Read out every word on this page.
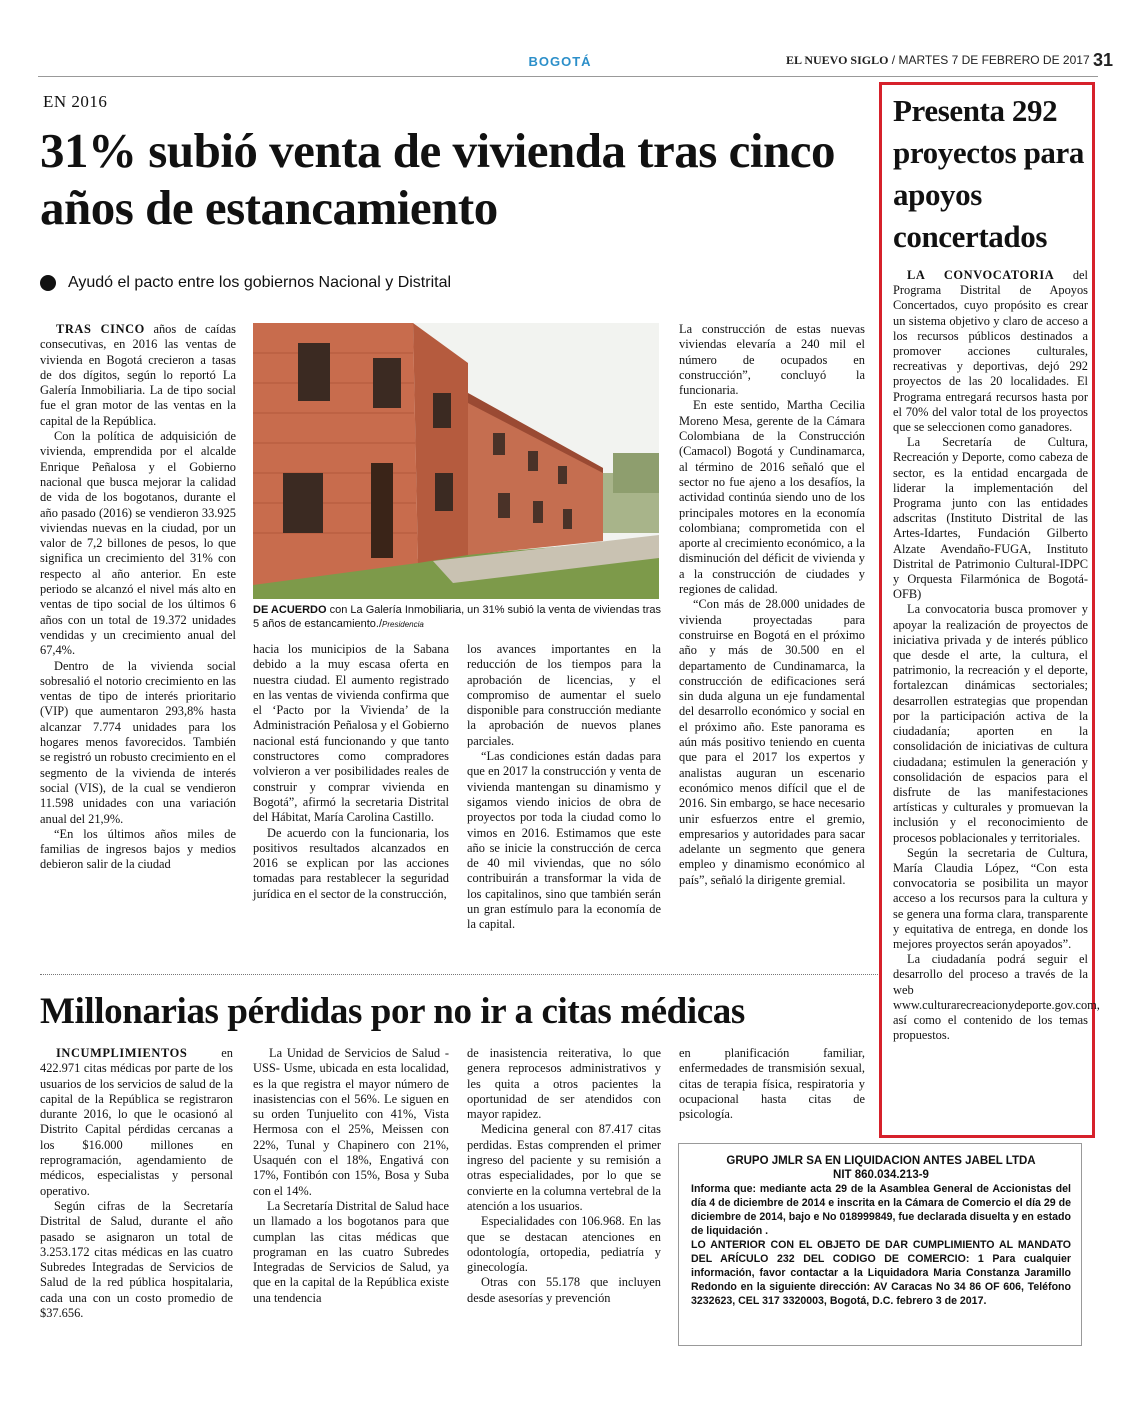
BOGOTÁ	EL NUEVO SIGLO / MARTES 7 DE FEBRERO DE 2017 31
EN 2016
31% subió venta de vivienda tras cinco años de estancamiento
Ayudó el pacto entre los gobiernos Nacional y Distrital

TRAS CINCO años de caídas consecutivas, en 2016 las ventas de vivienda en Bogotá crecieron a tasas de dos dígitos, según lo reportó La Galería Inmobiliaria. La de tipo social fue el gran motor de las ventas en la capital de la República.

Con la política de adquisición de vivienda, emprendida por el alcalde Enrique Peñalosa y el Gobierno nacional que busca mejorar la calidad de vida de los bogotanos, durante el año pasado (2016) se vendieron 33.925 viviendas nuevas en la ciudad, por un valor de 7,2 billones de pesos, lo que significa un crecimiento del 31% con respecto al año anterior. En este periodo se alcanzó el nivel más alto en ventas de tipo social de los últimos 6 años con un total de 19.372 unidades vendidas y un crecimiento anual del 67,4%.

Dentro de la vivienda social sobresalió el notorio crecimiento en las ventas de tipo de interés prioritario (VIP) que aumentaron 293,8% hasta alcanzar 7.774 unidades para los hogares menos favorecidos. También se registró un robusto crecimiento en el segmento de la vivienda de interés social (VIS), de la cual se vendieron 11.598 unidades con una variación anual del 21,9%.

“En los últimos años miles de familias de ingresos bajos y medios debieron salir de la ciudad

DE ACUERDO con La Galería Inmobiliaria, un 31% subió la venta de viviendas tras 5 años de estancamiento./Presidencia

hacia los municipios de la Sabana debido a la muy escasa oferta en nuestra ciudad. El aumento registrado en las ventas de vivienda confirma que el ‘Pacto por la Vivienda’ de la Administración Peñalosa y el Gobierno nacional está funcionando y que tanto constructores como compradores volvieron a ver posibilidades reales de construir y comprar vivienda en Bogotá”, afirmó la secretaria Distrital del Hábitat, María Carolina Castillo.

De acuerdo con la funcionaria, los positivos resultados alcanzados en 2016 se explican por las acciones tomadas para restablecer la seguridad jurídica en el sector de la construcción,

los avances importantes en la reducción de los tiempos para la aprobación de licencias, y el compromiso de aumentar el suelo disponible para construcción mediante la aprobación de nuevos planes parciales.

“Las condiciones están dadas para que en 2017 la construcción y venta de vivienda mantengan su dinamismo y sigamos viendo inicios de obra de proyectos por toda la ciudad como lo vimos en 2016. Estimamos que este año se inicie la construcción de cerca de 40 mil viviendas, que no sólo contribuirán a transformar la vida de los capitalinos, sino que también serán un gran estímulo para la economía de la capital.

La construcción de estas nuevas viviendas elevaría a 240 mil el número de ocupados en construcción”, concluyó la funcionaria.

En este sentido, Martha Cecilia Moreno Mesa, gerente de la Cámara Colombiana de la Construcción (Camacol) Bogotá y Cundinamarca, al término de 2016 señaló que el sector no fue ajeno a los desafíos, la actividad continúa siendo uno de los principales motores en la economía colombiana; comprometida con el aporte al crecimiento económico, a la disminución del déficit de vivienda y a la construcción de ciudades y regiones de calidad.

“Con más de 28.000 unidades de vivienda proyectadas para construirse en Bogotá en el próximo año y más de 30.500 en el departamento de Cundinamarca, la construcción de edificaciones será sin duda alguna un eje fundamental del desarrollo económico y social en el próximo año. Este panorama es aún más positivo teniendo en cuenta que para el 2017 los expertos y analistas auguran un escenario económico menos difícil que el de 2016. Sin embargo, se hace necesario unir esfuerzos entre el gremio, empresarios y autoridades para sacar adelante un segmento que genera empleo y dinamismo económico al país”, señaló la dirigente gremial.

Presenta 292 proyectos para apoyos concertados

LA CONVOCATORIA del Programa Distrital de Apoyos Concertados, cuyo propósito es crear un sistema objetivo y claro de acceso a los recursos públicos destinados a promover acciones culturales, recreativas y deportivas, dejó 292 proyectos de las 20 localidades. El Programa entregará recursos hasta por el 70% del valor total de los proyectos que se seleccionen como ganadores.

La Secretaría de Cultura, Recreación y Deporte, como cabeza de sector, es la entidad encargada de liderar la implementación del Programa junto con las entidades adscritas (Instituto Distrital de las Artes-Idartes, Fundación Gilberto Alzate Avendaño-FUGA, Instituto Distrital de Patrimonio Cultural-IDPC y Orquesta Filarmónica de Bogotá-OFB)

La convocatoria busca promover y apoyar la realización de proyectos de iniciativa privada y de interés público que desde el arte, la cultura, el patrimonio, la recreación y el deporte, fortalezcan dinámicas sectoriales; desarrollen estrategias que propendan por la participación activa de la ciudadanía; aporten en la consolidación de iniciativas de cultura ciudadana; estimulen la generación y consolidación de espacios para el disfrute de las manifestaciones artísticas y culturales y promuevan la inclusión y el reconocimiento de procesos poblacionales y territoriales.

Según la secretaria de Cultura, María Claudia López, “Con esta convocatoria se posibilita un mayor acceso a los recursos para la cultura y se genera una forma clara, transparente y equitativa de entrega, en donde los mejores proyectos serán apoyados”.

La ciudadanía podrá seguir el desarrollo del proceso a través de la web www.culturarecreacionydeporte.gov.com, así como el contenido de los temas propuestos.

Millonarias pérdidas por no ir a citas médicas

INCUMPLIMIENTOS	en 422.971 citas médicas por parte de los usuarios de los servicios de salud de la capital de la República se registraron durante 2016, lo que le ocasionó al Distrito Capital pérdidas cercanas a los $16.000 millones en reprogramación, agendamiento de médicos, especialistas y personal operativo.

Según cifras de la Secretaría Distrital de Salud, durante el año pasado se asignaron un total de 3.253.172 citas médicas en las cuatro Subredes Integradas de Servicios de Salud de la red pública hospitalaria, cada una con un costo promedio de $37.656.

La Unidad de Servicios de Salud -USS- Usme, ubicada en esta localidad, es la que registra el mayor número de inasistencias con el 56%. Le siguen en su orden Tunjuelito con 41%, Vista Hermosa con el 25%, Meissen con 22%, Tunal y Chapinero con 21%, Usaquén con el 18%, Engativá con 17%, Fontibón con 15%, Bosa y Suba con el 14%.

La Secretaría Distrital de Salud hace un llamado a los bogotanos para que cumplan las citas médicas que programan en las cuatro Subredes Integradas de Servicios de Salud, ya que en la capital de la República existe una tendencia

de inasistencia reiterativa, lo que genera reprocesos administrativos y les quita a otros pacientes la oportunidad de ser atendidos con mayor rapidez.

Medicina general con 87.417 citas perdidas. Estas comprenden el primer ingreso del paciente y su remisión a otras especialidades, por lo que se convierte en la columna vertebral de la atención a los usuarios.

Especialidades con 106.968. En las que se destacan atenciones en odontología, ortopedia, pediatría y ginecología.

Otras con 55.178 que incluyen desde asesorías y prevención

en planificación familiar, enfermedades de transmisión sexual, citas de terapia física, respiratoria y ocupacional hasta citas de psicología.

GRUPO JMLR SA EN LIQUIDACION ANTES JABEL LTDA
NIT 860.034.213-9

Informa que: mediante acta 29 de la Asamblea General de Accionistas del día 4 de diciembre de 2014 e inscrita en la Cámara de Comercio el día 29 de diciembre de 2014, bajo e No 018999849, fue declarada disuelta y en estado de liquidación .

LO ANTERIOR CON EL OBJETO DE DAR CUMPLIMIENTO AL MANDATO DEL ARÍCULO 232 DEL CODIGO DE COMERCIO: 1 Para cualquier información, favor contactar a la Liquidadora Maria Constanza Jaramillo Redondo en la siguiente dirección: AV Caracas No 34 86 OF 606, Teléfono 3232623, CEL 317 3320003, Bogotá, D.C. febrero 3 de 2017.
